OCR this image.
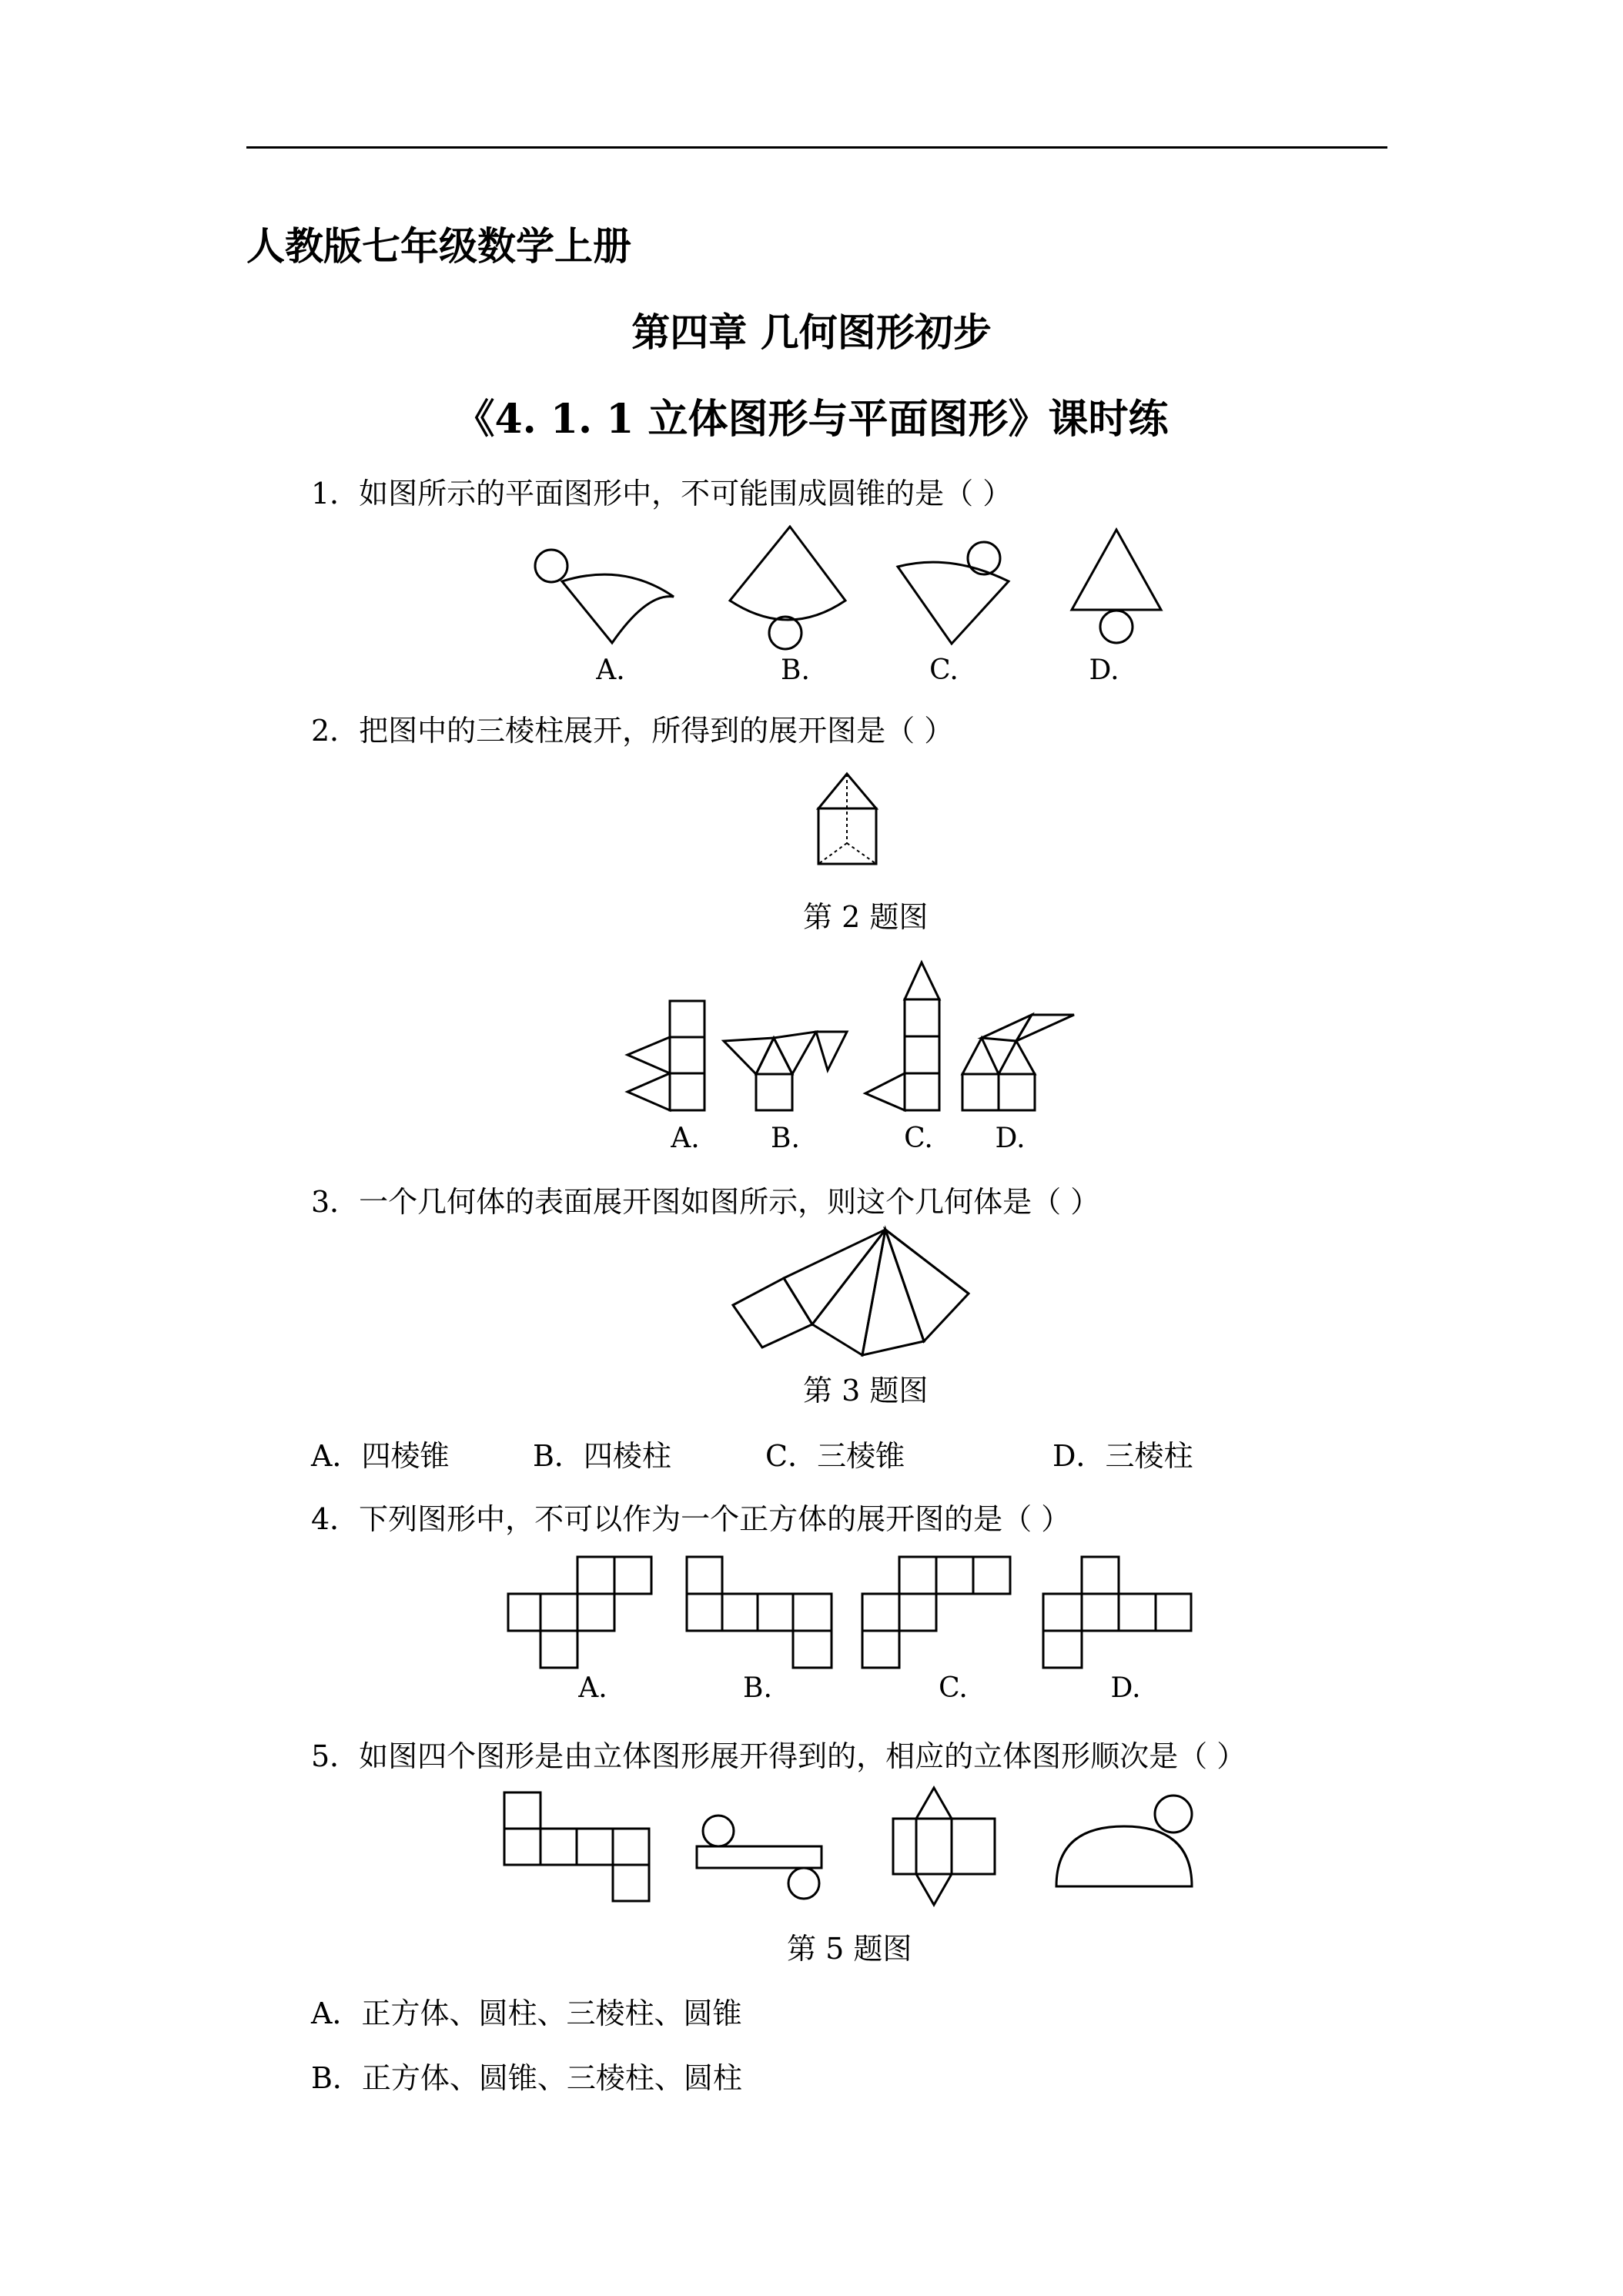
人教版七年级数学上册
第四章 几何图形初步
《4. 1. 1 立体图形与平面图形》课时练
1．如图所示的平面图形中，不可能围成圆锥的是（ ）
A.	B.	C.	D.
2．把图中的三棱柱展开，所得到的展开图是（ ）
第 2 题图
A.	B.	C. D.
3．一个几何体的表面展开图如图所示，则这个几何体是（ ）
第 3 题图
A．四棱锥	B．四棱柱	C．三棱锥	D．三棱柱
4．下列图形中，不可以作为一个正方体的展开图的是（ ）
A.	B.	C.	D.
5．如图四个图形是由立体图形展开得到的，相应的立体图形顺次是（ ）
第 5 题图
A．正方体、圆柱、三棱柱、圆锥
B．正方体、圆锥、三棱柱、圆柱
